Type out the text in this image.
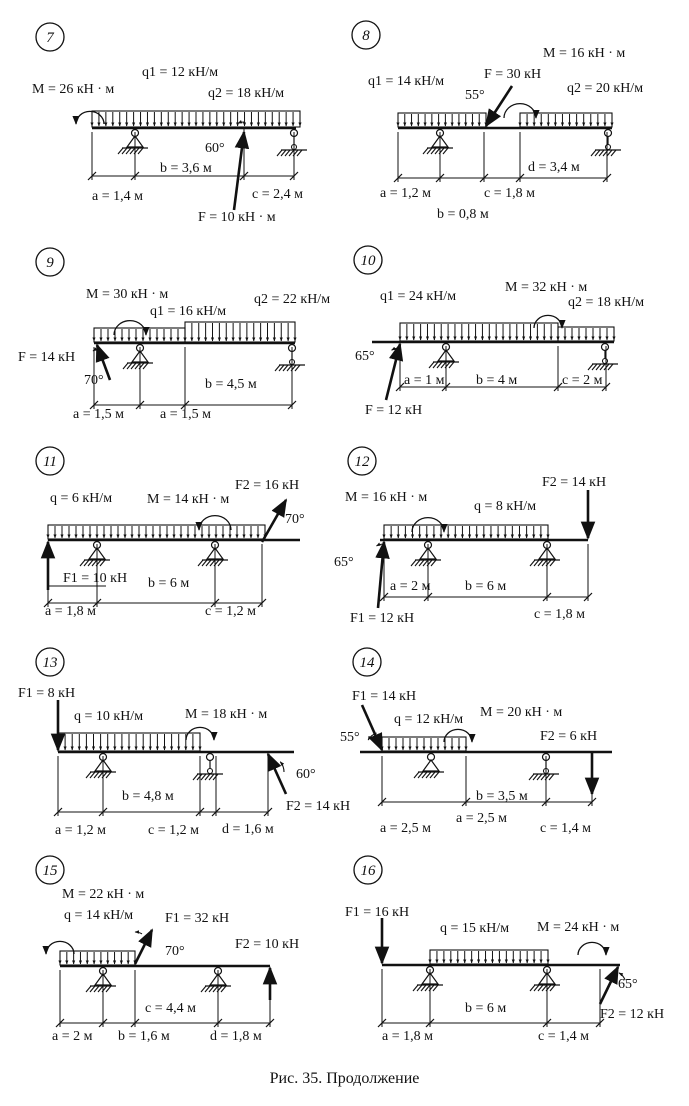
7
M = 26 кН · м
q1 = 12 кН/м
q2 = 18 кН/м
60°
F = 10 кН · м
a = 1,4 м
b = 3,6 м
c = 2,4 м
8
M = 16 кН · м
F = 30 кН
55°
q1 = 14 кН/м	q2 = 20 кН/м
a = 1,2 м
b = 0,8 м
c = 1,8 м
d = 3,4 м
9
M = 30 кН · м
q1 = 16 кН/м
q2 = 22 кН/м
F = 14 кН
70°
a = 1,5 м	a = 1,5 м
b = 4,5 м
10
q1 = 24 кН/м
M = 32 кН · м
q2 = 18 кН/м
65°
F = 12 кН
a = 1 м b = 4 м	c = 2 м
11
q = 6 кН/м M = 14 кН · м
F2 = 16 кН
70°
F1 = 10 кН
a = 1,8 м
b = 6 м
c = 1,2 м
12
M = 16 кН · м
q = 8 кН/м
F2 = 14 кН
65°
F1 = 12 кН
a = 2 м b = 6 м
c = 1,8 м
13
F1 = 8 кН
q = 10 кН/м	M = 18 кН · м
60°
F2 = 14 кН
a = 1,2 м
b = 4,8 м
c = 1,2 м d = 1,6 м
14
F1 = 14 кН
q = 12 кН/м M = 20 кН · м
55°	F2 = 6 кН
a = 2,5 м
a = 2,5 м
b = 3,5 м
c = 1,4 м
15
M = 22 кН · м
q = 14 кН/м F1 = 32 кН
70°	F2 = 10 кН
a = 2 м b = 1,6 м
c = 4,4 м
d = 1,8 м
16
F1 = 16 кН
q = 15 кН/м M = 24 кН · м
65°
F2 = 12 кН
a = 1,8 м
b = 6 м
c = 1,4 м
Рис. 35. Продолжение
